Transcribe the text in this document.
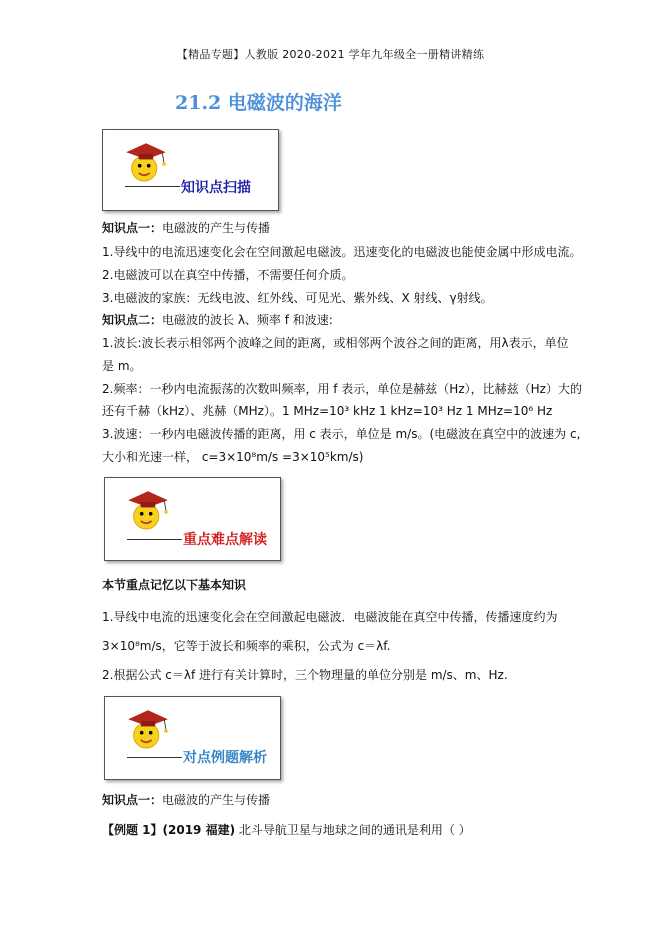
【精品专题】人教版 2020-2021 学年九年级全一册精讲精练
21.2 电磁波的海洋
知识点扫描
知识点一：电磁波的产生与传播
1.导线中的电流迅速变化会在空间激起电磁波。迅速变化的电磁波也能使金属中形成电流。
2.电磁波可以在真空中传播，不需要任何介质。
3.电磁波的家族：无线电波、红外线、可见光、紫外线、X 射线、γ射线。
知识点二：电磁波的波长 λ、频率 f 和波速:
1.波长:波长表示相邻两个波峰之间的距离，或相邻两个波谷之间的距离，用λ表示，单位
是 m。
2.频率：一秒内电流振荡的次数叫频率，用 f 表示，单位是赫兹（Hz），比赫兹（Hz）大的
还有千赫（kHz）、兆赫（MHz）。1 MHz=10³ kHz 1 kHz=10³ Hz 1 MHz=10⁶ Hz
3.波速：一秒内电磁波传播的距离，用 c 表示，单位是 m/s。(电磁波在真空中的波速为 c,
大小和光速一样， c=3×10⁸m/s =3×10⁵km/s)
重点难点解读
本节重点记忆以下基本知识
1.导线中电流的迅速变化会在空间激起电磁波．电磁波能在真空中传播，传播速度约为
3×10⁸m/s，它等于波长和频率的乘积，公式为 c＝λf.
2.根据公式 c＝λf 进行有关计算时，三个物理量的单位分别是 m/s、m、Hz.
对点例题解析
知识点一：电磁波的产生与传播
【例题 1】(2019 福建) 北斗导航卫星与地球之间的通讯是利用（ ）
